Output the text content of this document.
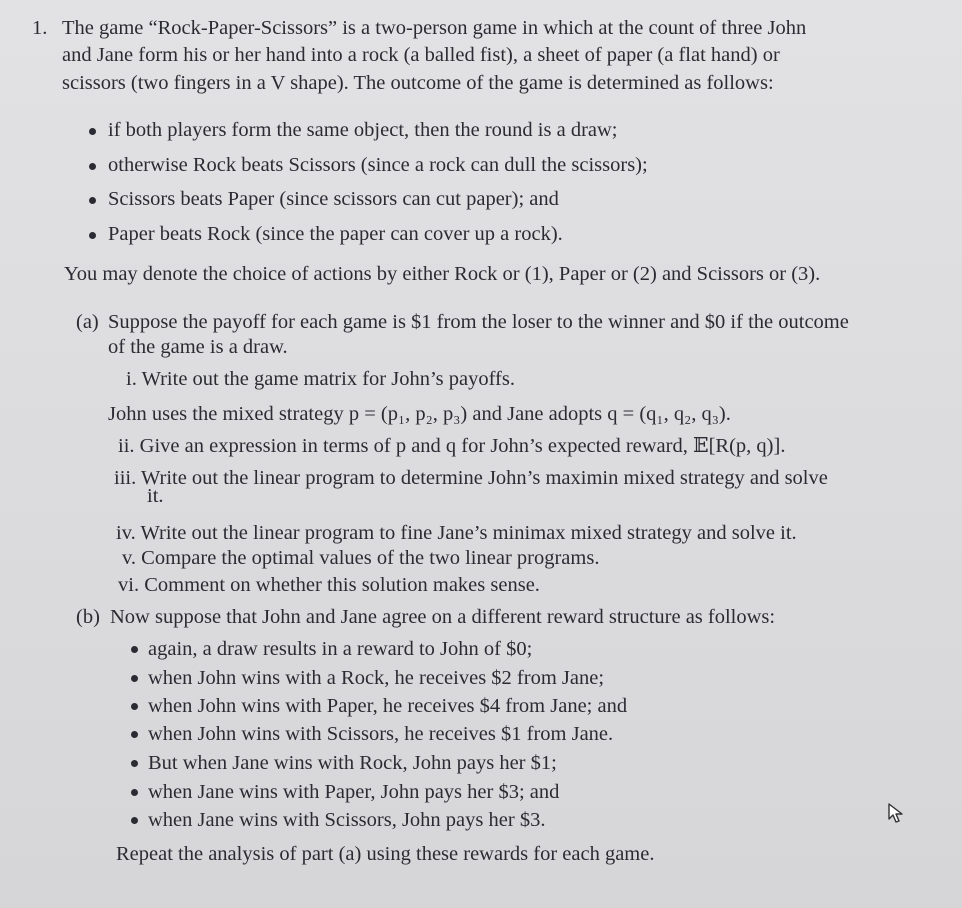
1. The game “Rock-Paper-Scissors” is a two-person game in which at the count of three John
and Jane form his or her hand into a rock (a balled fist), a sheet of paper (a flat hand) or
scissors (two fingers in a V shape). The outcome of the game is determined as follows:
if both players form the same object, then the round is a draw;
otherwise Rock beats Scissors (since a rock can dull the scissors);
Scissors beats Paper (since scissors can cut paper); and
Paper beats Rock (since the paper can cover up a rock).
You may denote the choice of actions by either Rock or (1), Paper or (2) and Scissors or (3).
(a) Suppose the payoff for each game is $1 from the loser to the winner and $0 if the outcome
of the game is a draw.
i. Write out the game matrix for John’s payoffs.
John uses the mixed strategy p = (p₁, p₂, p₃) and Jane adopts q = (q₁, q₂, q₃).
ii. Give an expression in terms of p and q for John’s expected reward, 𝔼[R(p, q)].
iii. Write out the linear program to determine John’s maximin mixed strategy and solve
it.
iv. Write out the linear program to fine Jane’s minimax mixed strategy and solve it.
v. Compare the optimal values of the two linear programs.
vi. Comment on whether this solution makes sense.
(b) Now suppose that John and Jane agree on a different reward structure as follows:
again, a draw results in a reward to John of $0;
when John wins with a Rock, he receives $2 from Jane;
when John wins with Paper, he receives $4 from Jane; and
when John wins with Scissors, he receives $1 from Jane.
But when Jane wins with Rock, John pays her $1;
when Jane wins with Paper, John pays her $3; and
when Jane wins with Scissors, John pays her $3.
Repeat the analysis of part (a) using these rewards for each game.
